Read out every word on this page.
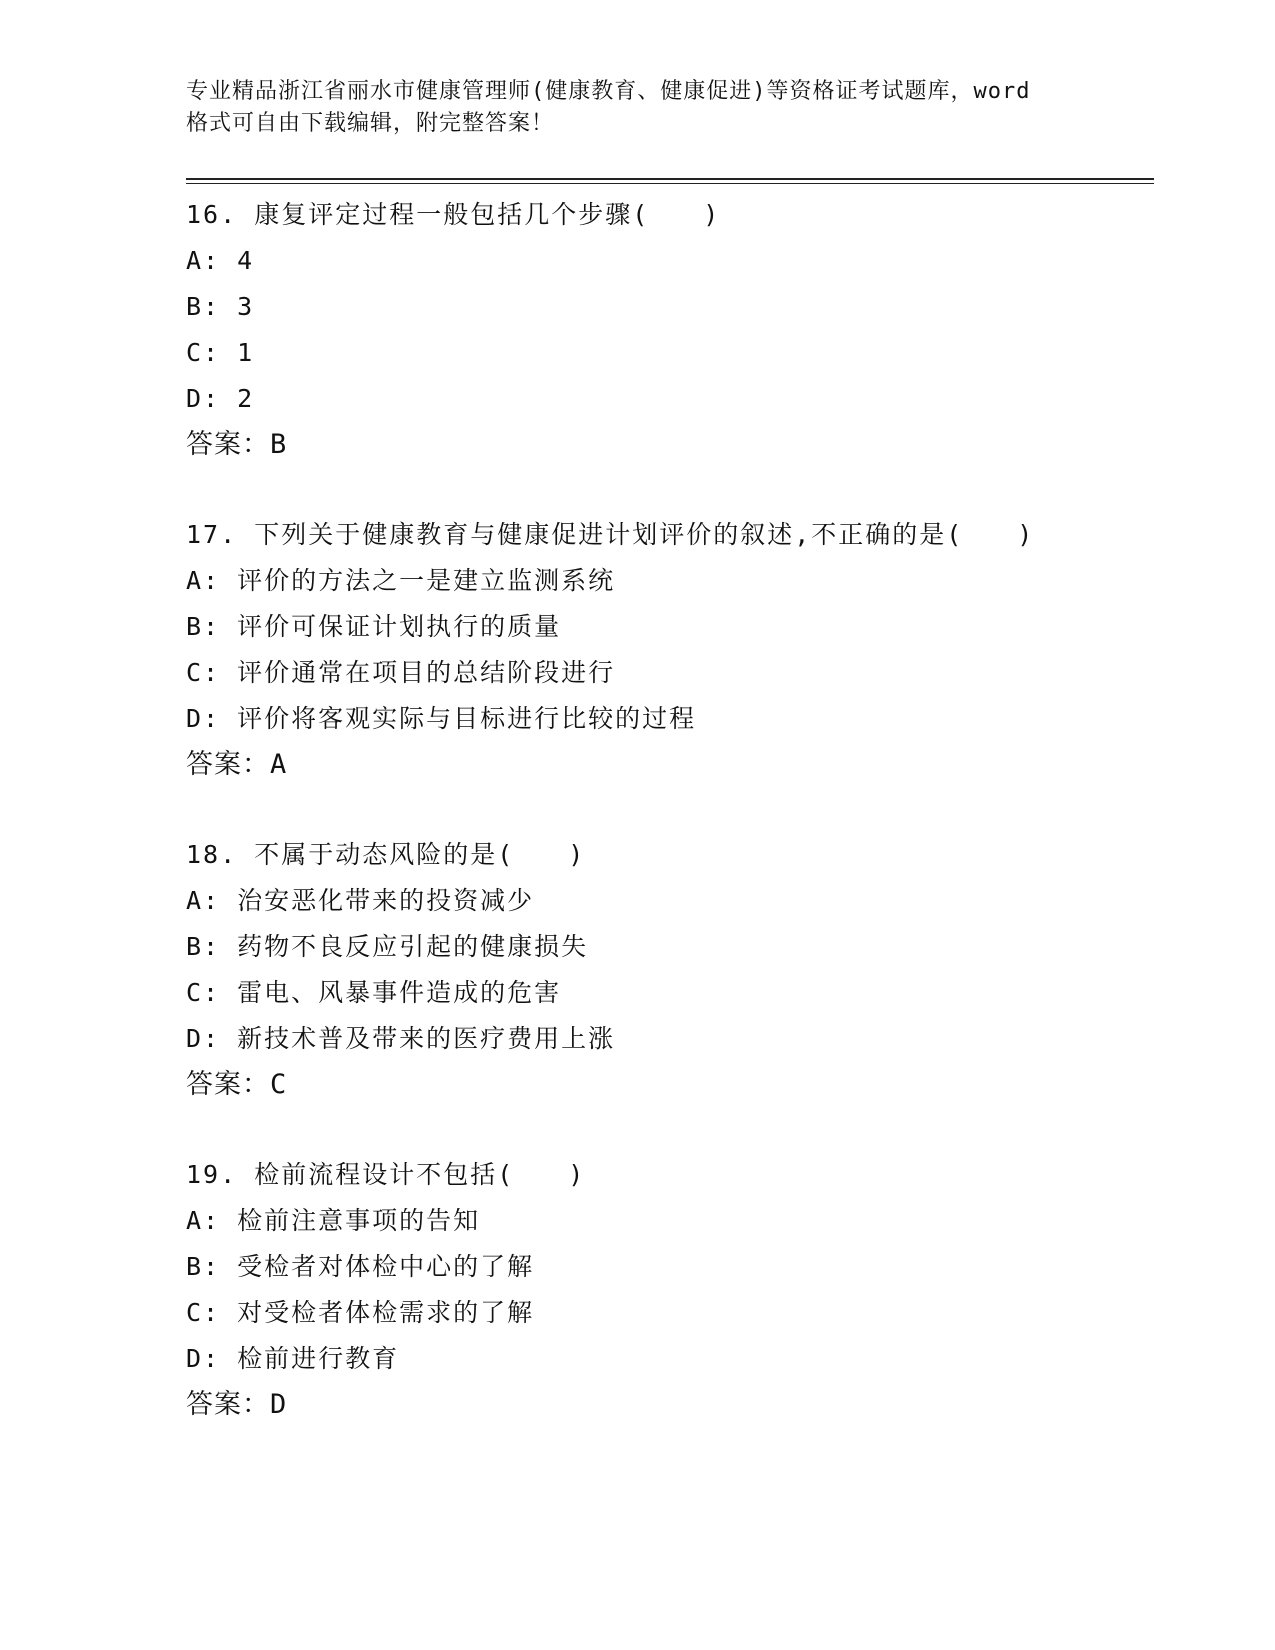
专业精品浙江省丽水市健康管理师(健康教育、健康促进)等资格证考试题库，word
格式可自由下载编辑，附完整答案！
16. 康复评定过程一般包括几个步骤(　　)
A: 4
B: 3
C: 1
D: 2
答案：B
17. 下列关于健康教育与健康促进计划评价的叙述,不正确的是(　　)
A: 评价的方法之一是建立监测系统
B: 评价可保证计划执行的质量
C: 评价通常在项目的总结阶段进行
D: 评价将客观实际与目标进行比较的过程
答案：A
18. 不属于动态风险的是(　　)
A: 治安恶化带来的投资减少
B: 药物不良反应引起的健康损失
C: 雷电、风暴事件造成的危害
D: 新技术普及带来的医疗费用上涨
答案：C
19. 检前流程设计不包括(　　)
A: 检前注意事项的告知
B: 受检者对体检中心的了解
C: 对受检者体检需求的了解
D: 检前进行教育
答案：D
